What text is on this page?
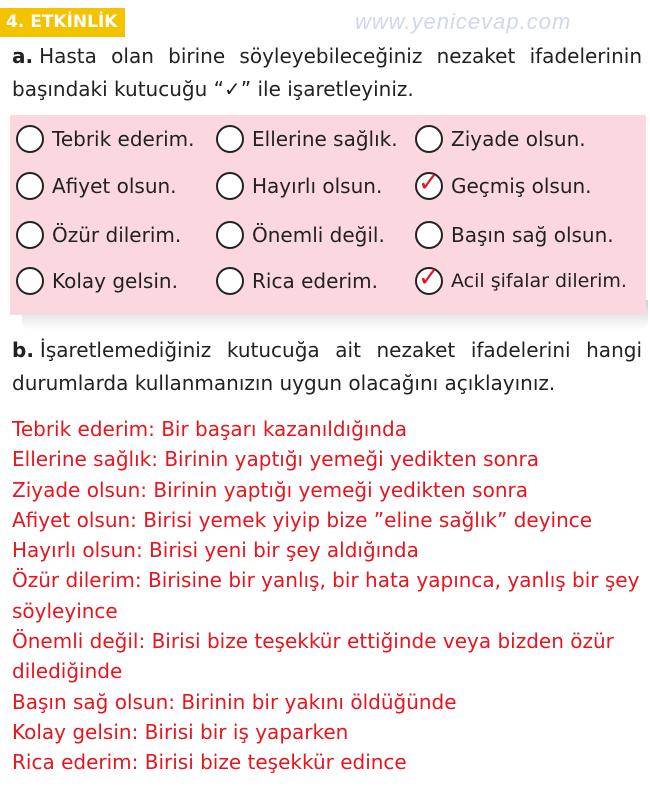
4. ETKİNLİK	www.yenicevap.com
a. Hasta olan birine söyleyebileceğiniz nezaket ifadelerinin başındaki kutucuğu “✓” ile işaretleyiniz.
Tebrik ederim.	Ellerine sağlık.	Ziyade olsun.
Afiyet olsun.	Hayırlı olsun. ✓ Geçmiş olsun.
Özür dilerim.	Önemli değil.	Başın sağ olsun.
Kolay gelsin.	Rica ederim. ✓ Acil şifalar dilerim.
b. İşaretlemediğiniz kutucuğa ait nezaket ifadelerini hangi durumlarda kullanmanızın uygun olacağını açıklayınız.
Tebrik ederim: Bir başarı kazanıldığında
Ellerine sağlık: Birinin yaptığı yemeği yedikten sonra
Ziyade olsun: Birinin yaptığı yemeği yedikten sonra
Afiyet olsun: Birisi yemek yiyip bize ”eline sağlık” deyince
Hayırlı olsun: Birisi yeni bir şey aldığında
Özür dilerim: Birisine bir yanlış, bir hata yapınca, yanlış bir şey söyleyince
Önemli değil: Birisi bize teşekkür ettiğinde veya bizden özür dilediğinde
Başın sağ olsun: Birinin bir yakını öldüğünde
Kolay gelsin: Birisi bir iş yaparken
Rica ederim: Birisi bize teşekkür edince
